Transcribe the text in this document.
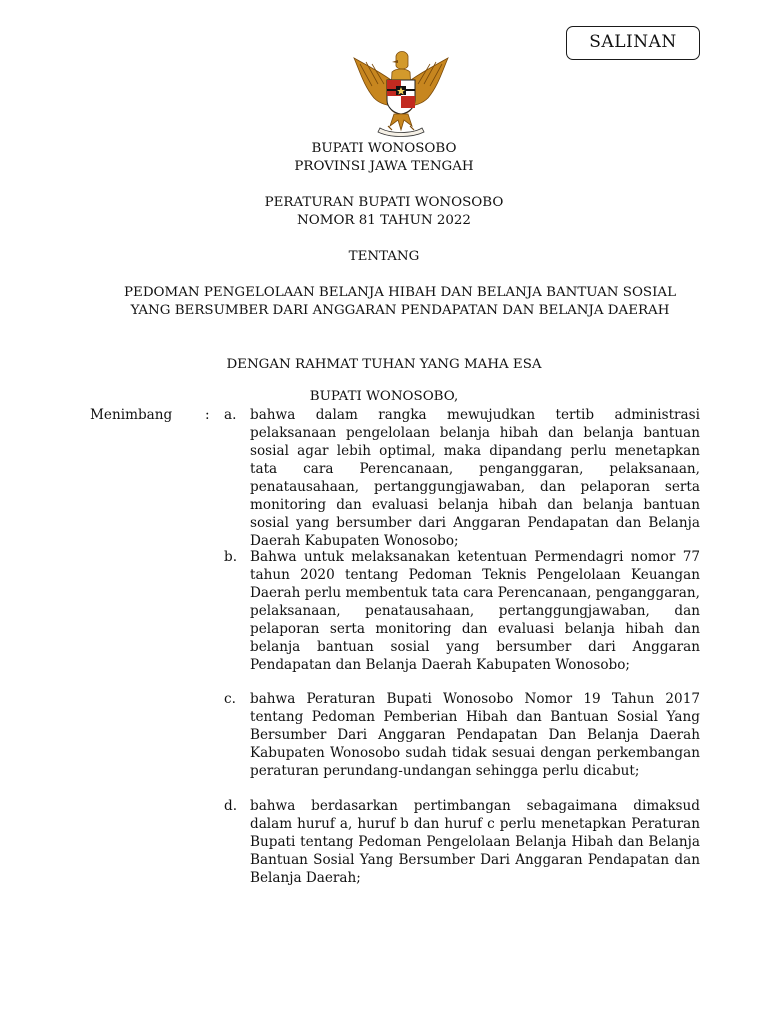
SALINAN
BUPATI WONOSOBO
PROVINSI JAWA TENGAH
PERATURAN BUPATI WONOSOBO
NOMOR 81 TAHUN 2022
TENTANG
PEDOMAN PENGELOLAAN BELANJA HIBAH DAN BELANJA BANTUAN SOSIAL YANG BERSUMBER DARI ANGGARAN PENDAPATAN DAN BELANJA DAERAH
DENGAN RAHMAT TUHAN YANG MAHA ESA
BUPATI WONOSOBO,
Menimbang : a. bahwa dalam rangka mewujudkan tertib administrasi pelaksanaan pengelolaan belanja hibah dan belanja bantuan sosial agar lebih optimal, maka dipandang perlu menetapkan tata cara Perencanaan, penganggaran, pelaksanaan, penatausahaan, pertanggungjawaban, dan pelaporan serta monitoring dan evaluasi belanja hibah dan belanja bantuan sosial yang bersumber dari Anggaran Pendapatan dan Belanja Daerah Kabupaten Wonosobo;
b. Bahwa untuk melaksanakan ketentuan Permendagri nomor 77 tahun 2020 tentang Pedoman Teknis Pengelolaan Keuangan Daerah perlu membentuk tata cara Perencanaan, penganggaran, pelaksanaan, penatausahaan, pertanggungjawaban, dan pelaporan serta monitoring dan evaluasi belanja hibah dan belanja bantuan sosial yang bersumber dari Anggaran Pendapatan dan Belanja Daerah Kabupaten Wonosobo;
c. bahwa Peraturan Bupati Wonosobo Nomor 19 Tahun 2017 tentang Pedoman Pemberian Hibah dan Bantuan Sosial Yang Bersumber Dari Anggaran Pendapatan Dan Belanja Daerah Kabupaten Wonosobo sudah tidak sesuai dengan perkembangan peraturan perundang-undangan sehingga perlu dicabut;
d. bahwa berdasarkan pertimbangan sebagaimana dimaksud dalam huruf a, huruf b dan huruf c perlu menetapkan Peraturan Bupati tentang Pedoman Pengelolaan Belanja Hibah dan Belanja Bantuan Sosial Yang Bersumber Dari Anggaran Pendapatan dan Belanja Daerah;
